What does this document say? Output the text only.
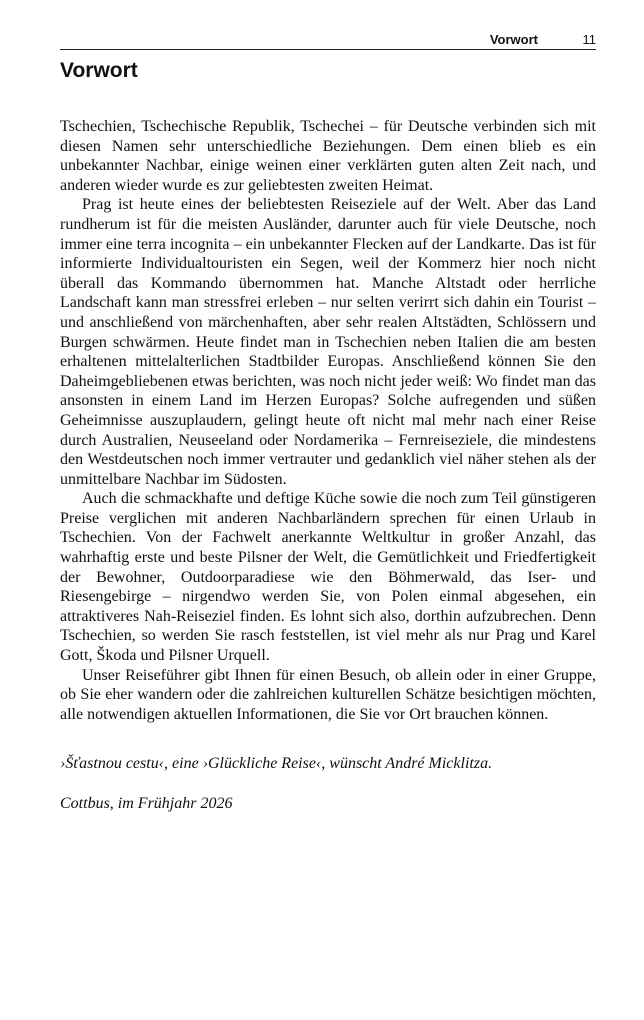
Vorwort	11
Vorwort

Tschechien, Tschechische Republik, Tschechei – für Deutsche verbinden sich mit diesen Namen sehr unterschiedliche Beziehungen. Dem einen blieb es ein unbekannter Nachbar, einige weinen einer verklärten guten alten Zeit nach, und anderen wieder wurde es zur geliebtesten zweiten Heimat.

Prag ist heute eines der beliebtesten Reiseziele auf der Welt. Aber das Land rundherum ist für die meisten Ausländer, darunter auch für viele Deutsche, noch immer eine terra incognita – ein unbekannter Flecken auf der Landkarte. Das ist für informierte Individualtouristen ein Segen, weil der Kommerz hier noch nicht überall das Kommando übernommen hat. Manche Altstadt oder herrliche Landschaft kann man stressfrei erleben – nur selten verirrt sich dahin ein Tourist – und anschließend von märchenhaften, aber sehr realen Altstädten, Schlössern und Burgen schwärmen. Heute findet man in Tschechien neben Italien die am besten erhaltenen mittelalterlichen Stadtbilder Europas. Anschließend können Sie den Daheimgebliebenen etwas berichten, was noch nicht jeder weiß: Wo findet man das ansonsten in einem Land im Herzen Europas? Solche aufregenden und süßen Geheimnisse auszuplaudern, gelingt heute oft nicht mal mehr nach einer Reise durch Australien, Neuseeland oder Nordamerika – Fernreiseziele, die mindestens den Westdeutschen noch immer vertrauter und gedanklich viel näher stehen als der unmittelbare Nachbar im Südosten.

Auch die schmackhafte und deftige Küche sowie die noch zum Teil günstigeren Preise verglichen mit anderen Nachbarländern sprechen für einen Urlaub in Tschechien. Von der Fachwelt anerkannte Weltkultur in großer Anzahl, das wahrhaftig erste und beste Pilsner der Welt, die Gemütlichkeit und Friedfertigkeit der Bewohner, Outdoorparadiese wie den Böhmerwald, das Iser- und Riesengebirge – nirgendwo werden Sie, von Polen einmal abgesehen, ein attraktiveres Nah-Reiseziel finden. Es lohnt sich also, dorthin aufzubrechen. Denn Tschechien, so werden Sie rasch feststellen, ist viel mehr als nur Prag und Karel Gott, Škoda und Pilsner Urquell.

Unser Reiseführer gibt Ihnen für einen Besuch, ob allein oder in einer Gruppe, ob Sie eher wandern oder die zahlreichen kulturellen Schätze besichtigen möchten, alle notwendigen aktuellen Informationen, die Sie vor Ort brauchen können.

›Šťastnou cestu‹, eine ›Glückliche Reise‹, wünscht André Micklitza.

Cottbus, im Frühjahr 2026
